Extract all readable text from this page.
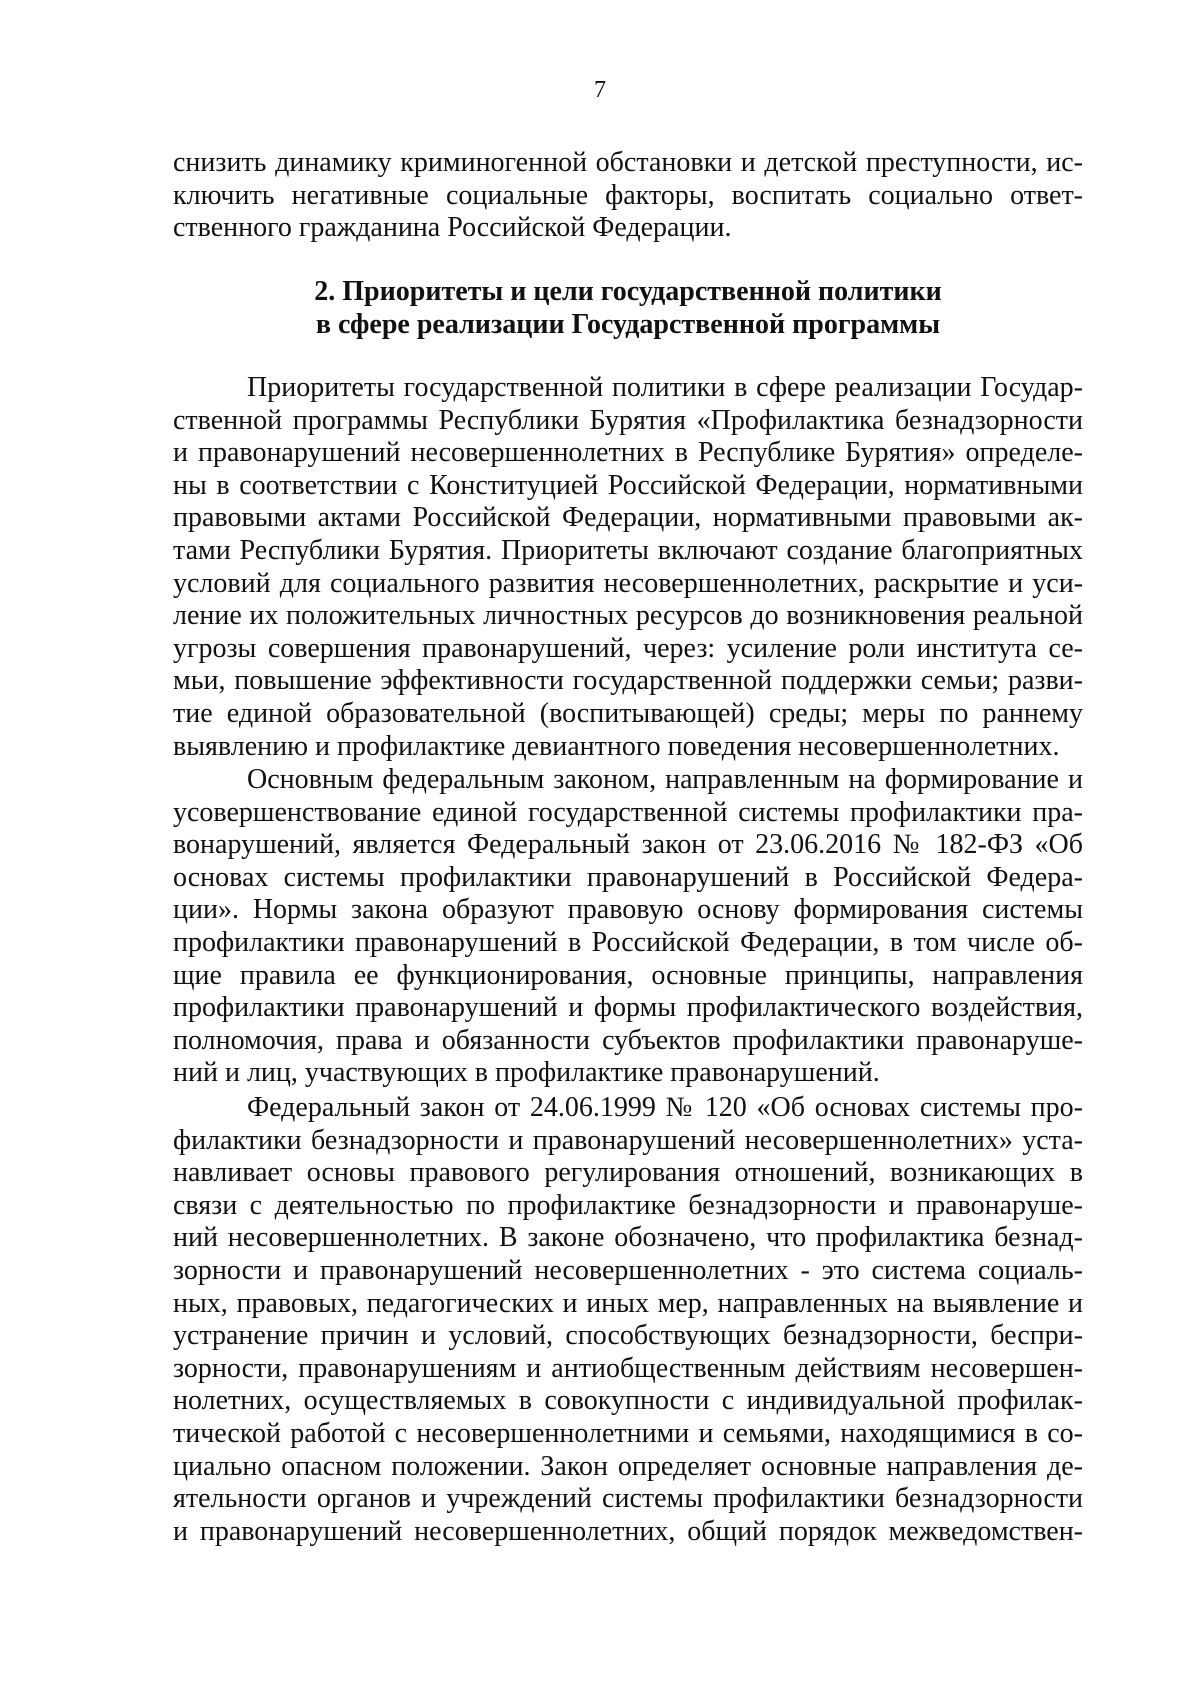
7
снизить динамику криминогенной обстановки и детской преступности, ис-
ключить негативные социальные факторы, воспитать социально ответ-
ственного гражданина Российской Федерации.
2. Приоритеты и цели государственной политики
в сфере реализации Государственной программы
Приоритеты государственной политики в сфере реализации Государ-
ственной программы Республики Бурятия «Профилактика безнадзорности
и правонарушений несовершеннолетних в Республике Бурятия» определе-
ны в соответствии с Конституцией Российской Федерации, нормативными
правовыми актами Российской Федерации, нормативными правовыми ак-
тами Республики Бурятия. Приоритеты включают создание благоприятных
условий для социального развития несовершеннолетних, раскрытие и уси-
ление их положительных личностных ресурсов до возникновения реальной
угрозы совершения правонарушений, через: усиление роли института се-
мьи, повышение эффективности государственной поддержки семьи; разви-
тие единой образовательной (воспитывающей) среды; меры по раннему
выявлению и профилактике девиантного поведения несовершеннолетних.
Основным федеральным законом, направленным на формирование и
усовершенствование единой государственной системы профилактики пра-
вонарушений, является Федеральный закон от 23.06.2016 № 182-ФЗ «Об
основах системы профилактики правонарушений в Российской Федера-
ции». Нормы закона образуют правовую основу формирования системы
профилактики правонарушений в Российской Федерации, в том числе об-
щие правила ее функционирования, основные принципы, направления
профилактики правонарушений и формы профилактического воздействия,
полномочия, права и обязанности субъектов профилактики правонаруше-
ний и лиц, участвующих в профилактике правонарушений.
Федеральный закон от 24.06.1999 № 120 «Об основах системы про-
филактики безнадзорности и правонарушений несовершеннолетних» уста-
навливает основы правового регулирования отношений, возникающих в
связи с деятельностью по профилактике безнадзорности и правонаруше-
ний несовершеннолетних. В законе обозначено, что профилактика безнад-
зорности и правонарушений несовершеннолетних - это система социаль-
ных, правовых, педагогических и иных мер, направленных на выявление и
устранение причин и условий, способствующих безнадзорности, беспри-
зорности, правонарушениям и антиобщественным действиям несовершен-
нолетних, осуществляемых в совокупности с индивидуальной профилак-
тической работой с несовершеннолетними и семьями, находящимися в со-
циально опасном положении. Закон определяет основные направления де-
ятельности органов и учреждений системы профилактики безнадзорности
и правонарушений несовершеннолетних, общий порядок межведомствен-
